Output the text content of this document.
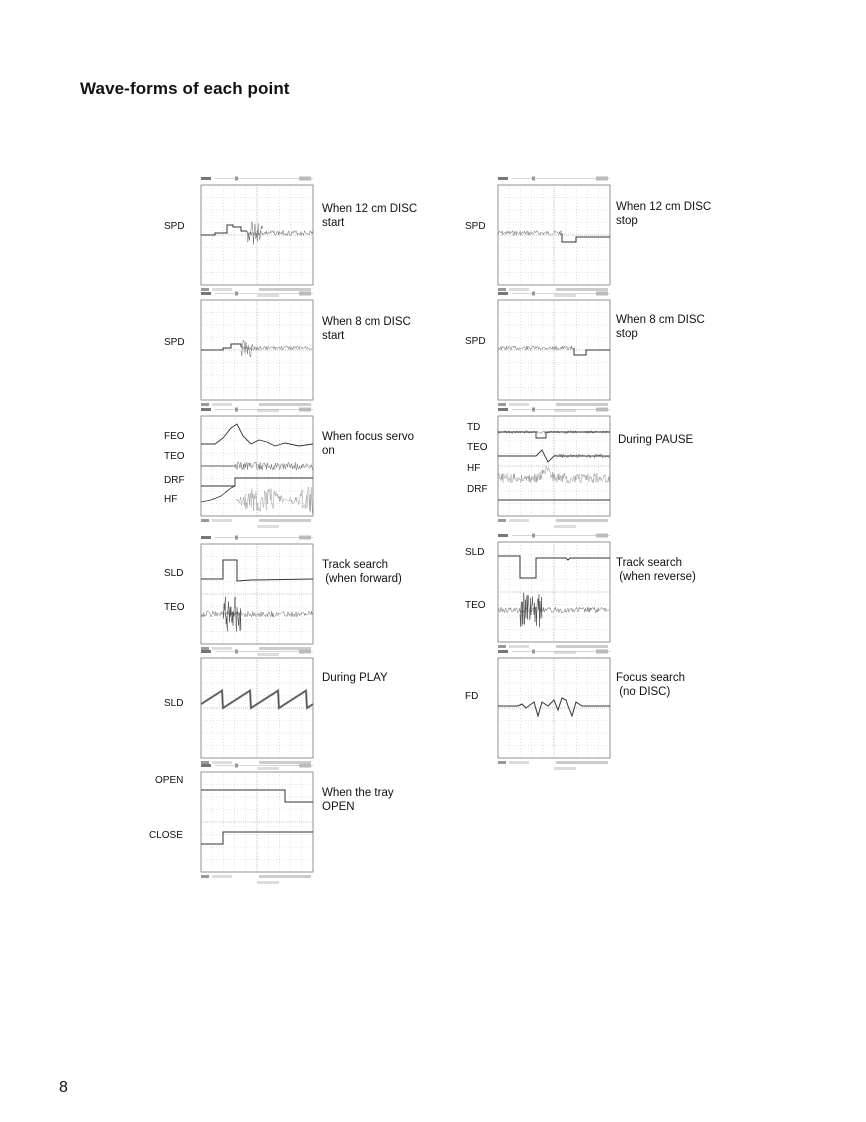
Wave-forms of each point
SPD
When 12 cm DISC
start	SPD
When 12 cm DISC
stop
SPD
When 8 cm DISC
start	SPD
When 8 cm DISC
stop
FEO
TEO
DRF
HF
When focus servo
on
TD
TEO
HF
DRF
During PAUSE
SLD
TEO
Track search
(when forward)
SLD
TEO
Track search
(when reverse)
SLD
During PLAY
FD
Focus search
(no DISC)
OPEN
CLOSE
When the tray
OPEN
8
